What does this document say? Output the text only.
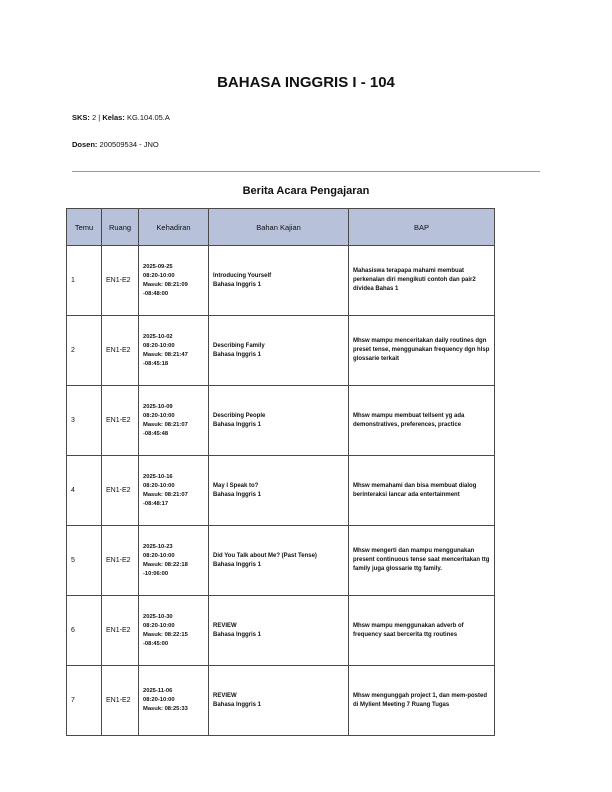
BAHASA INGGRIS I - 104
SKS: 2 | Kelas: KG.104.05.A
Dosen: 200509534 - JNO
Berita Acara Pengajaran
Temu	Ruang	Kehadiran	Bahan Kajian	BAP
1	EN1-E2	2025-09-25
08:20-10:00
Masuk: 08:21:09
-08:48:00	Introducing Yourself
Bahasa Inggris 1	Mahasiswa terapapa mahami membuat perkenalan diri mengikuti contoh dan pair2 dividea Bahas 1
2	EN1-E2	2025-10-02
08:20-10:00
Masuk: 08:21:47
-08:45:18	Describing Family
Bahasa Inggris 1	Mhsw mampu menceritakan daily routines dgn preset tense, menggunakan frequency dgn hlsp glossarie terkait
3	EN1-E2	2025-10-09
08:20-10:00
Masuk: 08:21:07
-08:45:48	Describing People
Bahasa Inggris 1	Mhsw mampu membuat tellsent yg ada demonstratives, preferences, practice
4	EN1-E2	2025-10-16
08:20-10:00
Masuk: 08:21:07
-08:48:17	May I Speak to?
Bahasa Inggris 1	Mhsw memahami dan bisa membuat dialog berinteraksi lancar ada entertainment
5	EN1-E2	2025-10-23
08:20-10:00
Masuk: 08:22:18
-10:06:00	Did You Talk about Me? (Past Tense)
Bahasa Inggris 1	Mhsw mengerti dan mampu menggunakan present continuous tense saat menceritakan ttg family juga glossarie ttg family.
6	EN1-E2	2025-10-30
08:20-10:00
Masuk: 08:22:15
-08:45:00	REVIEW
Bahasa Inggris 1	Mhsw mampu menggunakan adverb of frequency saat bercerita ttg routines
7	EN1-E2	2025-11-06
08:20-10:00
Masuk: 08:25:33	REVIEW
Bahasa Inggris 1	Mhsw mengunggah project 1, dan mem-posted di Mylient Meeting 7 Ruang Tugas
